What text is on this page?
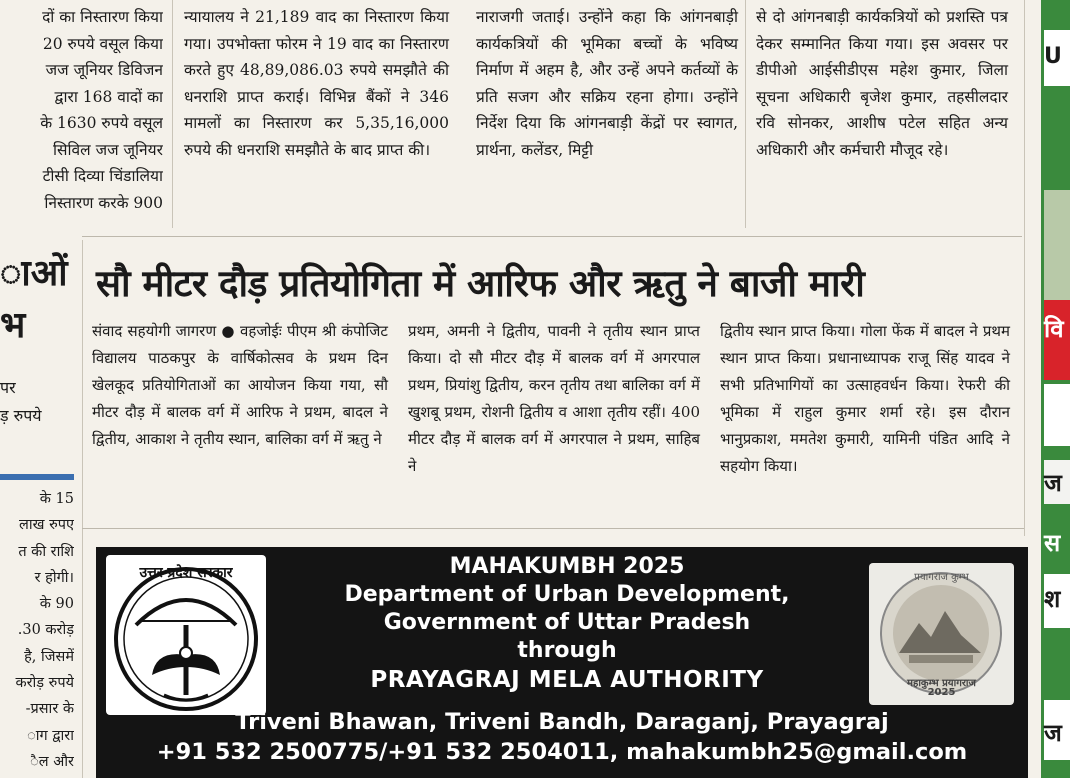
दों का निस्तारण किया
20 रुपये वसूल किया
जज जूनियर डिविजन
द्वारा 168 वादों का
के 1630 रुपये वसूल
सिविल जज जूनियर
टीसी दिव्या चिंडालिया
निस्तारण करके 900

न्यायालय ने 21,189 वाद का निस्तारण किया गया। उपभोक्ता फोरम ने 19 वाद का निस्तारण करते हुए 48,89,086.03 रुपये समझौते की धनराशि प्राप्त कराई। विभिन्न बैंकों ने 346 मामलों का निस्तारण कर 5,35,16,000 रुपये की धनराशि समझौते के बाद प्राप्त की।

नाराजगी जताई। उन्होंने कहा कि आंगनबाड़ी कार्यकत्रियों की भूमिका बच्चों के भविष्य निर्माण में अहम है, और उन्हें अपने कर्तव्यों के प्रति सजग और सक्रिय रहना होगा। उन्होंने निर्देश दिया कि आंगनबाड़ी केंद्रों पर स्वागत, प्रार्थना, कलेंडर, मिट्टी

से दो आंगनबाड़ी कार्यकत्रियों को प्रशस्ति पत्र देकर सम्मानित किया गया। इस अवसर पर डीपीओ आईसीडीएस महेश कुमार, जिला सूचना अधिकारी बृजेश कुमार, तहसीलदार रवि सोनकर, आशीष पटेल सहित अन्य अधिकारी और कर्मचारी मौजूद रहे।

ाओं
भ
पर
ड़ रुपये
के 15
लाख रुपए
त की राशि
र होगी।
के 90
.30 करोड़
है, जिसमें
करोड़ रुपये
-प्रसार के
ाग द्वारा
ैल और
सौ मीटर दौड़ प्रतियोगिता में आरिफ और ऋतु ने बाजी मारी

संवाद सहयोगी जागरण ● वहजोईः पीएम श्री कंपोजिट विद्यालय पाठकपुर के वार्षिकोत्सव के प्रथम दिन खेलकूद प्रतियोगिताओं का आयोजन किया गया, सौ मीटर दौड़ में बालक वर्ग में आरिफ ने प्रथम, बादल ने द्वितीय, आकाश ने तृतीय स्थान, बालिका वर्ग में ऋतु ने

प्रथम, अमनी ने द्वितीय, पावनी ने तृतीय स्थान प्राप्त किया। दो सौ मीटर दौड़ में बालक वर्ग में अगरपाल प्रथम, प्रियांशु द्वितीय, करन तृतीय तथा बालिका वर्ग में खुशबू प्रथम, रोशनी द्वितीय व आशा तृतीय रहीं। 400 मीटर दौड़ में बालक वर्ग में अगरपाल ने प्रथम, साहिब ने

द्वितीय स्थान प्राप्त किया। गोला फेंक में बादल ने प्रथम स्थान प्राप्त किया। प्रधानाध्यापक राजू सिंह यादव ने सभी प्रतिभागियों का उत्साहवर्धन किया। रेफरी की भूमिका में राहुल कुमार शर्मा रहे। इस दौरान भानुप्रकाश, ममतेश कुमारी, यामिनी पंडित आदि ने सहयोग किया।

उत्तर प्रदेश सरकार	MAHAKUMBH 2025
Department of Urban Development,
Government of Uttar Pradesh
through
PRAYAGRAJ MELA AUTHORITY
Triveni Bhawan, Triveni Bandh, Daraganj, Prayagraj
+91 532 2500775/+91 532 2504011, mahakumbh25@gmail.com
प्रयागराज कुम्भ
महाकुम्भ प्रयागराज
2025
U
वि
ज
स
श
ज
